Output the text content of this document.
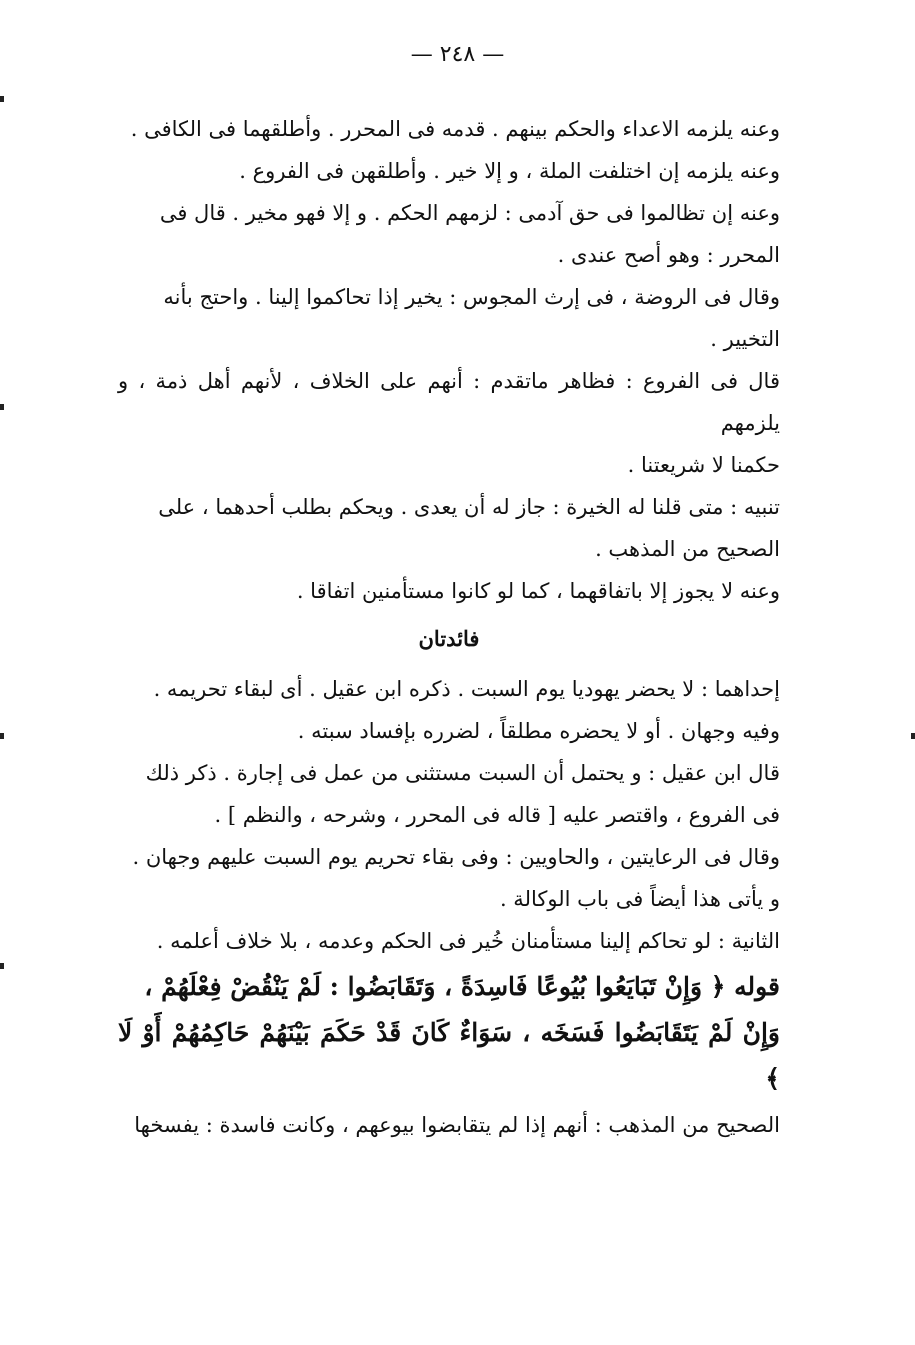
— ٢٤٨ —
وعنه يلزمه الاعداء والحكم بينهم . قدمه فى المحرر . وأطلقهما فى الكافى .
وعنه يلزمه إن اختلفت الملة ، و إلا خير . وأطلقهن فى الفروع .
وعنه إن تظالموا فى حق آدمى : لزمهم الحكم . و إلا فهو مخير . قال فى
المحرر : وهو أصح عندى .
وقال فى الروضة ، فى إرث المجوس : يخير إذا تحاكموا إلينا . واحتج بأنه
التخيير .
قال فى الفروع : فظاهر ماتقدم : أنهم على الخلاف ، لأنهم أهل ذمة ، و يلزمهم
حكمنا لا شريعتنا .
تنبيه : متى قلنا له الخيرة : جاز له أن يعدى . ويحكم بطلب أحدهما ، على
الصحيح من المذهب .
وعنه لا يجوز إلا باتفاقهما ، كما لو كانوا مستأمنين اتفاقا .
فائدتان
إحداهما : لا يحضر يهوديا يوم السبت . ذكره ابن عقيل . أى لبقاء تحريمه .
وفيه وجهان . أو لا يحضره مطلقاً ، لضرره بإفساد سبته .
قال ابن عقيل : و يحتمل أن السبت مستثنى من عمل فى إجارة . ذكر ذلك
فى الفروع ، واقتصر عليه [ قاله فى المحرر ، وشرحه ، والنظم ] .
وقال فى الرعايتين ، والحاويين : وفى بقاء تحريم يوم السبت عليهم وجهان .
و يأتى هذا أيضاً فى باب الوكالة .
الثانية : لو تحاكم إلينا مستأمنان خُير فى الحكم وعدمه ، بلا خلاف أعلمه .
قوله ﴿ وَإِنْ تَبَايَعُوا بُيُوعًا فَاسِدَةً ، وَتَقَابَضُوا : لَمْ يَنْقُضْ فِعْلَهُمْ ،
وَإِنْ لَمْ يَتَقَابَضُوا فَسَخَه ، سَوَاءٌ كَانَ قَدْ حَكَمَ بَيْنَهُمْ حَاكِمُهُمْ أَوْ لَا ﴾
الصحيح من المذهب : أنهم إذا لم يتقابضوا بيوعهم ، وكانت فاسدة : يفسخها
